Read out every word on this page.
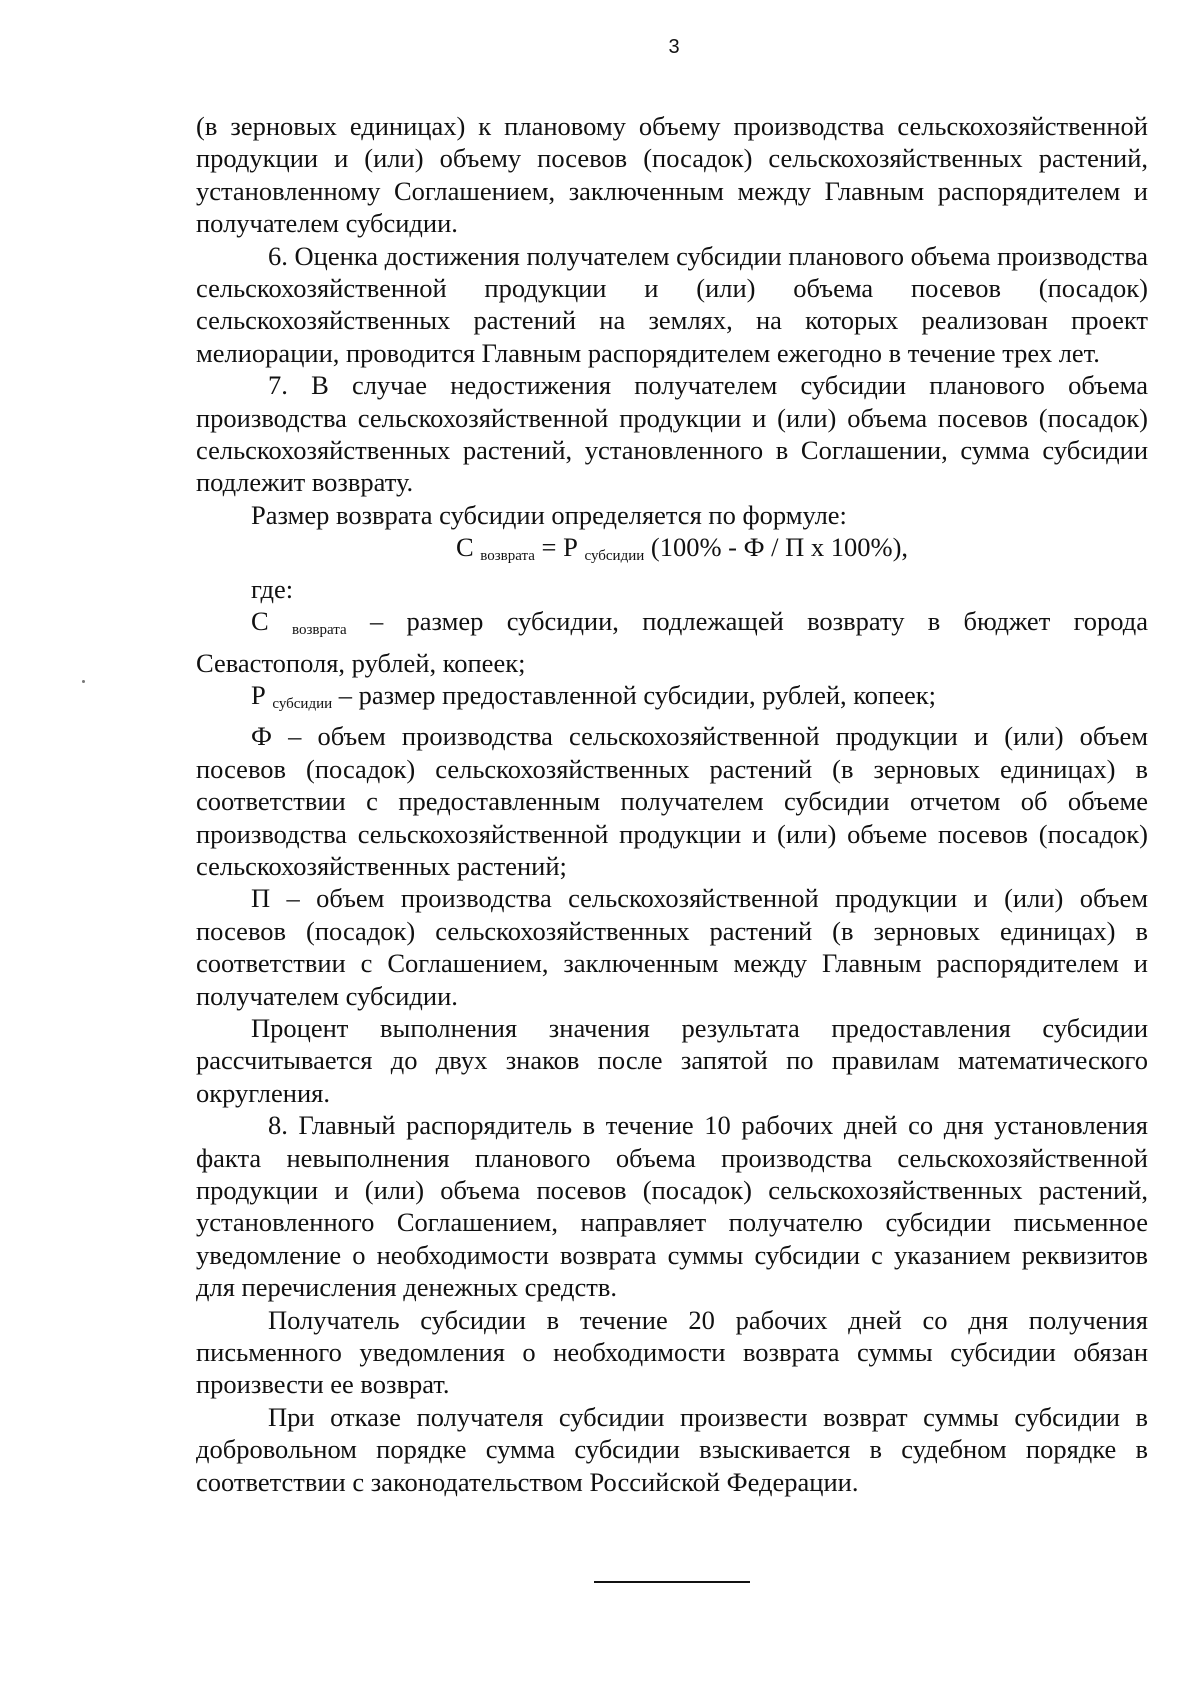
3

(в зерновых единицах) к плановому объему производства сельскохозяйственной продукции и (или) объему посевов (посадок) сельскохозяйственных растений, установленному Соглашением, заключенным между Главным распорядителем и получателем субсидии.

6. Оценка достижения получателем субсидии планового объема производства сельскохозяйственной продукции и (или) объема посевов (посадок) сельскохозяйственных растений на землях, на которых реализован проект мелиорации, проводится Главным распорядителем ежегодно в течение трех лет.

7. В случае недостижения получателем субсидии планового объема производства сельскохозяйственной продукции и (или) объема посевов (посадок) сельскохозяйственных растений, установленного в Соглашении, сумма субсидии подлежит возврату.

Размер возврата субсидии определяется по формуле:

С $_{возврата}$ = Р $_{субсидии}$ (100% - Ф / П х 100%),

где:

С $_{возврата}$ – размер субсидии, подлежащей возврату в бюджет города Севастополя, рублей, копеек;

Р $_{субсидии}$ – размер предоставленной субсидии, рублей, копеек;

Ф – объем производства сельскохозяйственной продукции и (или) объем посевов (посадок) сельскохозяйственных растений (в зерновых единицах) в соответствии с предоставленным получателем субсидии отчетом об объеме производства сельскохозяйственной продукции и (или) объеме посевов (посадок) сельскохозяйственных растений;

П – объем производства сельскохозяйственной продукции и (или) объем посевов (посадок) сельскохозяйственных растений (в зерновых единицах) в соответствии с Соглашением, заключенным между Главным распорядителем и получателем субсидии.

Процент выполнения значения результата предоставления субсидии рассчитывается до двух знаков после запятой по правилам математического округления.

8. Главный распорядитель в течение 10 рабочих дней со дня установления факта невыполнения планового объема производства сельскохозяйственной продукции и (или) объема посевов (посадок) сельскохозяйственных растений, установленного Соглашением, направляет получателю субсидии письменное уведомление о необходимости возврата суммы субсидии с указанием реквизитов для перечисления денежных средств.

Получатель субсидии в течение 20 рабочих дней со дня получения письменного уведомления о необходимости возврата суммы субсидии обязан произвести ее возврат.

При отказе получателя субсидии произвести возврат суммы субсидии в добровольном порядке сумма субсидии взыскивается в судебном порядке в соответствии с законодательством Российской Федерации.
